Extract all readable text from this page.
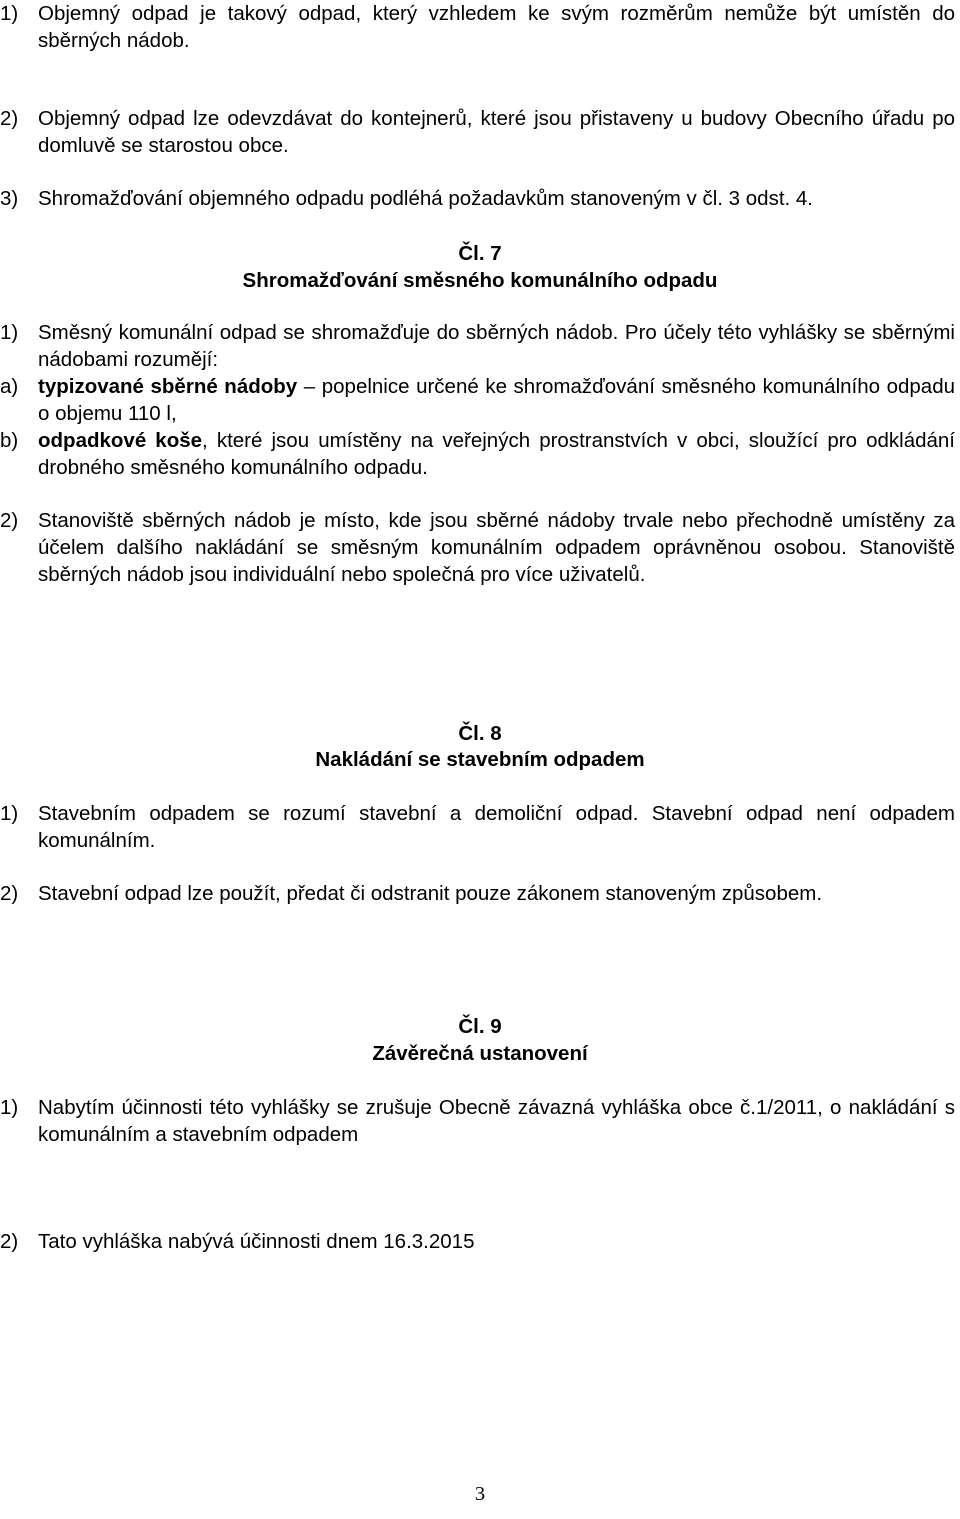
1) Objemný odpad je takový odpad, který vzhledem ke svým rozměrům nemůže být umístěn do sběrných nádob.
2) Objemný odpad lze odevzdávat do kontejnerů, které jsou přistaveny u budovy Obecního úřadu po domluvě se starostou obce.
3) Shromažďování objemného odpadu podléhá požadavkům stanoveným v čl. 3 odst. 4.
Čl. 7
Shromažďování směsného komunálního odpadu
1) Směsný komunální odpad se shromažďuje do sběrných nádob. Pro účely této vyhlášky se sběrnými nádobami rozumějí:
a) typizované sběrné nádoby – popelnice určené ke shromažďování směsného komunálního odpadu o objemu 110 l,
b) odpadkové koše, které jsou umístěny na veřejných prostranstvích v obci, sloužící pro odkládání drobného směsného komunálního odpadu.
2) Stanoviště sběrných nádob je místo, kde jsou sběrné nádoby trvale nebo přechodně umístěny za účelem dalšího nakládání se směsným komunálním odpadem oprávněnou osobou. Stanoviště sběrných nádob jsou individuální nebo společná pro více uživatelů.
Čl. 8
Nakládání se stavebním odpadem
1) Stavebním odpadem se rozumí stavební a demoliční odpad. Stavební odpad není odpadem komunálním.
2) Stavební odpad lze použít, předat či odstranit pouze zákonem stanoveným způsobem.
Čl. 9
Závěrečná ustanovení
1) Nabytím účinnosti této vyhlášky se zrušuje Obecně závazná vyhláška obce č.1/2011, o nakládání s komunálním a stavebním odpadem
2) Tato vyhláška nabývá účinnosti dnem 16.3.2015
3
